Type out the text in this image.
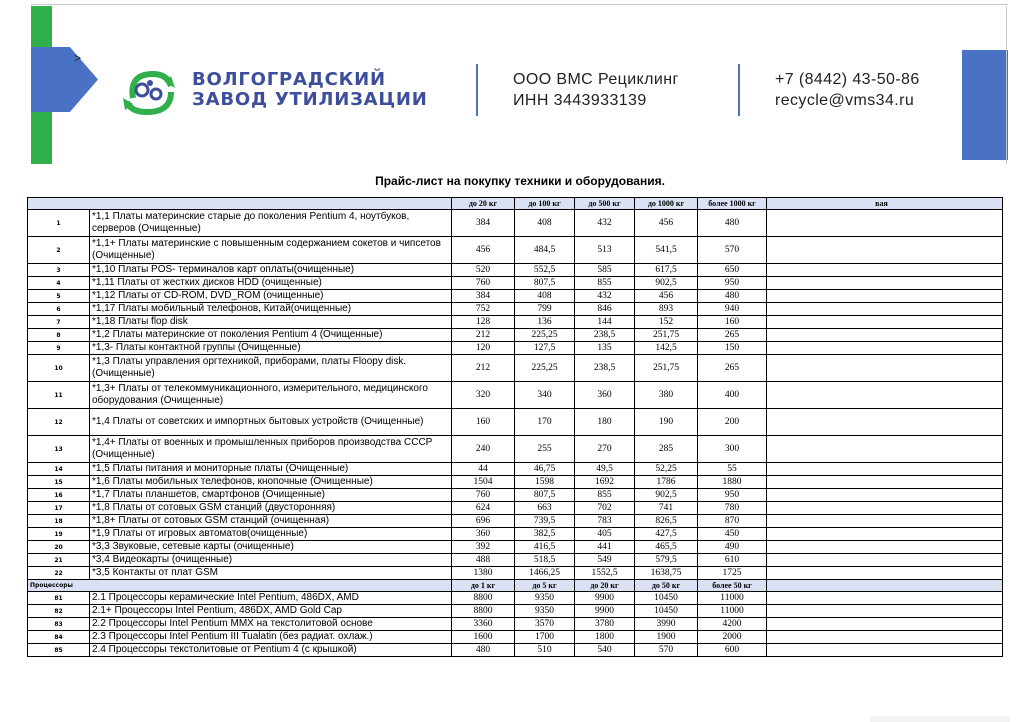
>
ВОЛГОГРАДСКИЙ
ЗАВОД УТИЛИЗАЦИИ
ООО ВМС Рециклинг
ИНН 3443933139
+7 (8442) 43-50-86
recycle@vms34.ru
Прайс-лист на покупку техники и оборудования.
		до 20 кг	до 100 кг	до 500 кг	до 1000 кг	более 1000 кг	вая
1	*1,1 Платы материнские старые до поколения Pentium 4, ноутбуков, серверов (Очищенные)	384	408	432	456	480	
2	*1,1+ Платы материнские с повышенным содержанием сокетов и чипсетов (Очищенные)	456	484,5	513	541,5	570	
3	*1,10 Платы POS- терминалов карт оплаты(очищенные)	520	552,5	585	617,5	650	
4	*1,11 Платы от жестких дисков HDD (очищенные)	760	807,5	855	902,5	950	
5	*1,12 Платы от CD-ROM, DVD_ROM (очищенные)	384	408	432	456	480	
6	*1,17 Платы мобильный телефонов, Китай(очищенные)	752	799	846	893	940	
7	*1,18 Платы flop disk	128	136	144	152	160	
8	*1,2 Платы материнские от поколения Pentium 4 (Очищенные)	212	225,25	238,5	251,75	265	
9	*1,3- Платы контактной группы (Очищенные)	120	127,5	135	142,5	150	
10	*1,3 Платы управления оргтехникой, приборами, платы Floopy disk. (Очищенные)	212	225,25	238,5	251,75	265	
11	*1,3+ Платы от телекоммуникационного, измерительного, медицинского оборудования (Очищенные)	320	340	360	380	400	
12	*1,4 Платы от советских и импортных бытовых устройств (Очищенные)	160	170	180	190	200	
13	*1,4+ Платы от военных и промышленных приборов производства СССР (Очищенные)	240	255	270	285	300	
14	*1,5 Платы питания и мониторные платы (Очищенные)	44	46,75	49,5	52,25	55	
15	*1,6 Платы мобильных телефонов, кнопочные (Очищенные)	1504	1598	1692	1786	1880	
16	*1,7 Платы планшетов, смартфонов (Очищенные)	760	807,5	855	902,5	950	
17	*1,8 Платы от сотовых GSM станций (двусторонняя)	624	663	702	741	780	
18	*1,8+ Платы от сотовых GSM станций (очищенная)	696	739,5	783	826,5	870	
19	*1,9 Платы от игровых автоматов(очищенные)	360	382,5	405	427,5	450	
20	*3,3 Звуковые, сетевые карты (очищенные)	392	416,5	441	465,5	490	
21	*3,4 Видеокарты (очищенные)	488	518,5	549	579,5	610	
22	*3,5 Контакты от плат GSM	1380	1466,25	1552,5	1638,75	1725	
Процессоры		до 1 кг	до 5 кг	до 20 кг	до 50 кг	более 50 кг	
81	2.1 Процессоры керамические Intel Pentium, 486DX, AMD	8800	9350	9900	10450	11000	
82	2.1+ Процессоры Intel Pentium, 486DX, AMD Gold Cap	8800	9350	9900	10450	11000	
83	2.2 Процессоры Intel Pentium MMX на текстолитовой основе	3360	3570	3780	3990	4200	
84	2.3 Процессоры Intel Pentium III Tualatin (без радиат. охлаж.)	1600	1700	1800	1900	2000	
85	2.4 Процессоры текстолитовые от Pentium 4 (с крышкой)	480	510	540	570	600	
